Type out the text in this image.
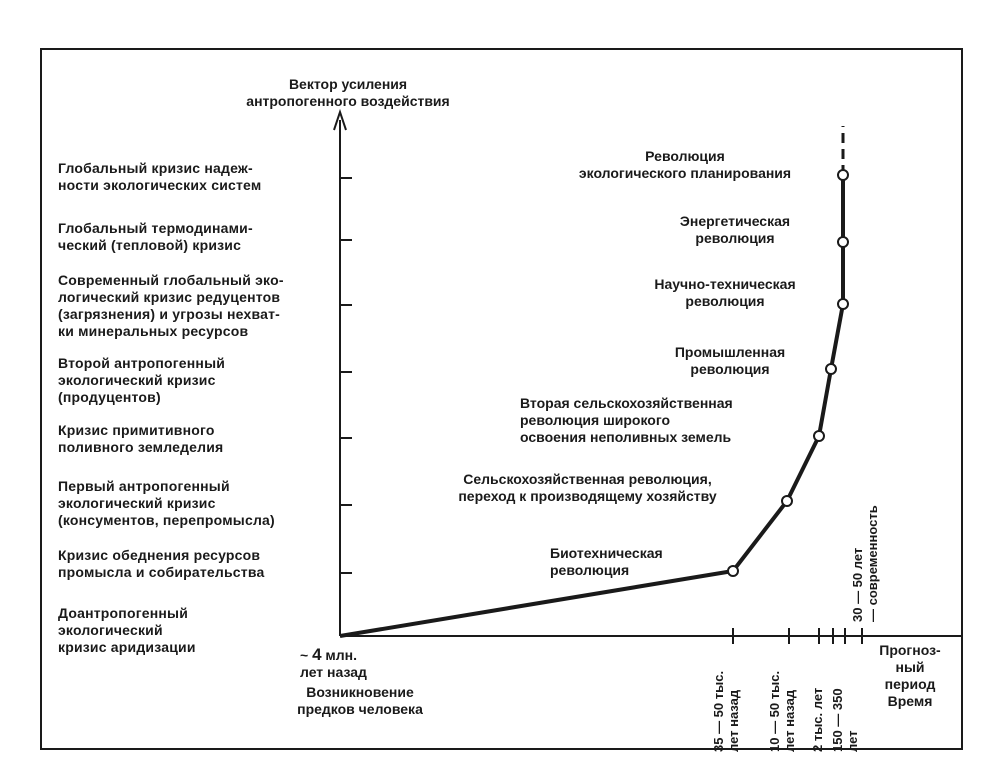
Вектор усиления
антропогенного воздействия
Глобальный кризис надеж-
ности экологических систем
Глобальный термодинами-
ческий (тепловой) кризис
Современный глобальный эко-
логический кризис редуцентов
(загрязнения) и угрозы нехват-
ки минеральных ресурсов
Второй антропогенный
экологический кризис
(продуцентов)
Кризис примитивного
поливного земледелия
Первый антропогенный
экологический кризис
(консументов, перепромысла)
Кризис обеднения ресурсов
промысла и собирательства
Доантропогенный
экологический
кризис аридизации
Революция
экологического планирования
Энергетическая
революция
Научно-техническая
революция
Промышленная
революция
Вторая сельскохозяйственная
революция широкого
освоения неполивных земель
Сельскохозяйственная революция,
переход к производящему хозяйству
Биотехническая
революция
~ 4 млн.
лет назад
Возникновение
предков человека
Прогноз-
ный
период
Время
35 — 50 тыс.
лет назад
10 — 50 тыс.
лет назад 2 тыс. лет 150 — 350
лет
30 — 50 лет
— современность
